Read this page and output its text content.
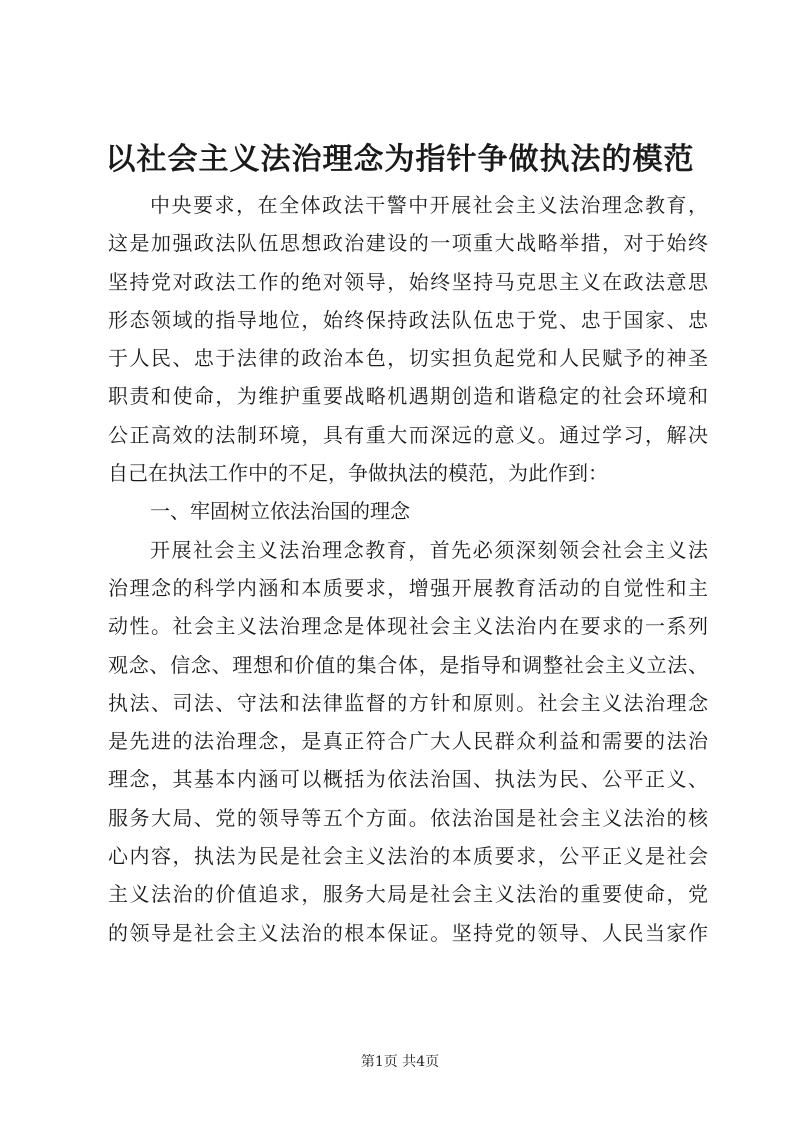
以社会主义法治理念为指针争做执法的模范
中央要求，在全体政法干警中开展社会主义法治理念教育，
这是加强政法队伍思想政治建设的一项重大战略举措，对于始终
坚持党对政法工作的绝对领导，始终坚持马克思主义在政法意思
形态领域的指导地位，始终保持政法队伍忠于党、忠于国家、忠
于人民、忠于法律的政治本色，切实担负起党和人民赋予的神圣
职责和使命，为维护重要战略机遇期创造和谐稳定的社会环境和
公正高效的法制环境，具有重大而深远的意义。通过学习，解决
自己在执法工作中的不足，争做执法的模范，为此作到：
一、牢固树立依法治国的理念
开展社会主义法治理念教育，首先必须深刻领会社会主义法
治理念的科学内涵和本质要求，增强开展教育活动的自觉性和主
动性。社会主义法治理念是体现社会主义法治内在要求的一系列
观念、信念、理想和价值的集合体，是指导和调整社会主义立法、
执法、司法、守法和法律监督的方针和原则。社会主义法治理念
是先进的法治理念，是真正符合广大人民群众利益和需要的法治
理念，其基本内涵可以概括为依法治国、执法为民、公平正义、
服务大局、党的领导等五个方面。依法治国是社会主义法治的核
心内容，执法为民是社会主义法治的本质要求，公平正义是社会
主义法治的价值追求，服务大局是社会主义法治的重要使命，党
的领导是社会主义法治的根本保证。坚持党的领导、人民当家作
第1页 共4页
